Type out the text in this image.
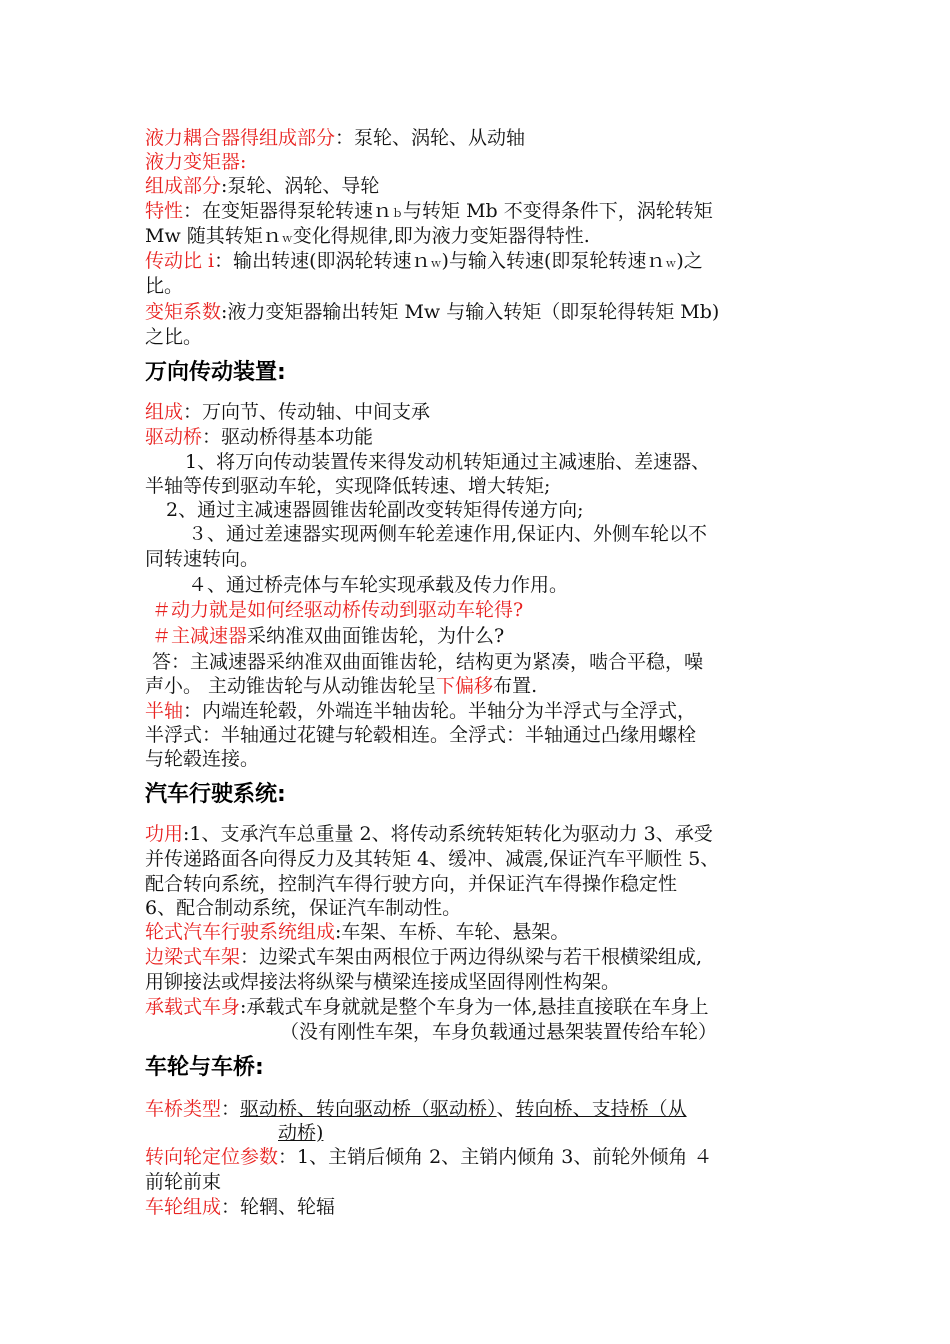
液力耦合器得组成部分：泵轮、涡轮、从动轴
液力变矩器:
组成部分:泵轮、涡轮、导轮
特性：在变矩器得泵轮转速ｎｂ与转矩 Mb 不变得条件下，涡轮转矩
Mw 随其转矩ｎｗ变化得规律,即为液力变矩器得特性.
传动比 i：输出转速(即涡轮转速ｎｗ)与输入转速(即泵轮转速ｎｗ)之
比。
变矩系数:液力变矩器输出转矩 Mw 与输入转矩（即泵轮得转矩 Mb)
之比。
万向传动装置:
组成：万向节、传动轴、中间支承
驱动桥：驱动桥得基本功能
1、将万向传动装置传来得发动机转矩通过主减速胎、差速器、
半轴等传到驱动车轮，实现降低转速、增大转矩;
2、通过主减速器圆锥齿轮副改变转矩得传递方向;
３、通过差速器实现两侧车轮差速作用,保证内、外侧车轮以不
同转速转向。
４、通过桥壳体与车轮实现承载及传力作用。
＃动力就是如何经驱动桥传动到驱动车轮得?
＃主减速器采纳准双曲面锥齿轮，为什么?
答：主减速器采纳准双曲面锥齿轮，结构更为紧凑，啮合平稳，噪
声小。 主动锥齿轮与从动锥齿轮呈下偏移布置.
半轴：内端连轮毂，外端连半轴齿轮。半轴分为半浮式与全浮式，
半浮式：半轴通过花键与轮毂相连。全浮式：半轴通过凸缘用螺栓
与轮毂连接。
汽车行驶系统:
功用:1、支承汽车总重量 2、将传动系统转矩转化为驱动力 3、承受
并传递路面各向得反力及其转矩 4、缓冲、减震,保证汽车平顺性 5、
配合转向系统，控制汽车得行驶方向，并保证汽车得操作稳定性
6、配合制动系统，保证汽车制动性。
轮式汽车行驶系统组成:车架、车桥、车轮、悬架。
边梁式车架：边梁式车架由两根位于两边得纵梁与若干根横梁组成,
用铆接法或焊接法将纵梁与横梁连接成坚固得刚性构架。
承载式车身:承载式车身就就是整个车身为一体,悬挂直接联在车身上
（没有刚性车架，车身负载通过悬架装置传给车轮）
车轮与车桥:
车桥类型：驱动桥、转向驱动桥（驱动桥）、转向桥、支持桥（从
动桥)
转向轮定位参数：1、主销后倾角 2、主销内倾角 3、前轮外倾角 ４
前轮前束
车轮组成：轮辋、轮辐
